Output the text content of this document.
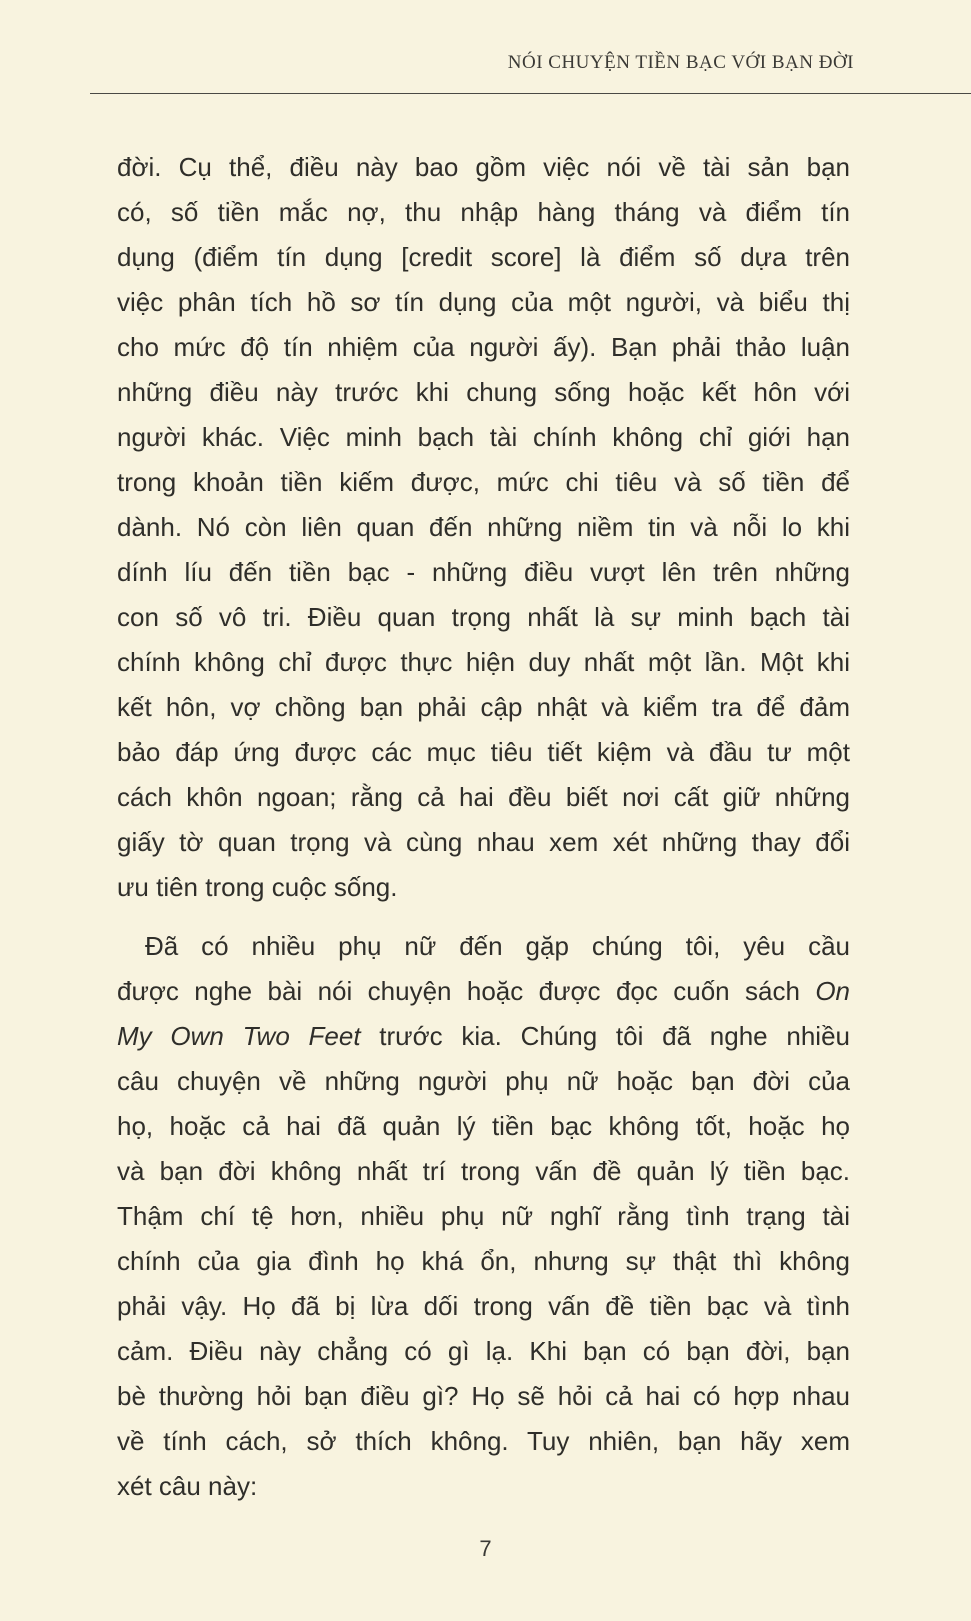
NÓI CHUYỆN TIỀN BẠC VỚI BẠN ĐỜI
đời. Cụ thể, điều này bao gồm việc nói về tài sản bạn
có, số tiền mắc nợ, thu nhập hàng tháng và điểm tín
dụng (điểm tín dụng [credit score] là điểm số dựa trên
việc phân tích hồ sơ tín dụng của một người, và biểu thị
cho mức độ tín nhiệm của người ấy). Bạn phải thảo luận
những điều này trước khi chung sống hoặc kết hôn với
người khác. Việc minh bạch tài chính không chỉ giới hạn
trong khoản tiền kiếm được, mức chi tiêu và số tiền để
dành. Nó còn liên quan đến những niềm tin và nỗi lo khi
dính líu đến tiền bạc - những điều vượt lên trên những
con số vô tri. Điều quan trọng nhất là sự minh bạch tài
chính không chỉ được thực hiện duy nhất một lần. Một khi
kết hôn, vợ chồng bạn phải cập nhật và kiểm tra để đảm
bảo đáp ứng được các mục tiêu tiết kiệm và đầu tư một
cách khôn ngoan; rằng cả hai đều biết nơi cất giữ những
giấy tờ quan trọng và cùng nhau xem xét những thay đổi
ưu tiên trong cuộc sống.
Đã có nhiều phụ nữ đến gặp chúng tôi, yêu cầu
được nghe bài nói chuyện hoặc được đọc cuốn sách On
My Own Two Feet trước kia. Chúng tôi đã nghe nhiều
câu chuyện về những người phụ nữ hoặc bạn đời của
họ, hoặc cả hai đã quản lý tiền bạc không tốt, hoặc họ
và bạn đời không nhất trí trong vấn đề quản lý tiền bạc.
Thậm chí tệ hơn, nhiều phụ nữ nghĩ rằng tình trạng tài
chính của gia đình họ khá ổn, nhưng sự thật thì không
phải vậy. Họ đã bị lừa dối trong vấn đề tiền bạc và tình
cảm. Điều này chẳng có gì lạ. Khi bạn có bạn đời, bạn
bè thường hỏi bạn điều gì? Họ sẽ hỏi cả hai có hợp nhau
về tính cách, sở thích không. Tuy nhiên, bạn hãy xem
xét câu này:
7
